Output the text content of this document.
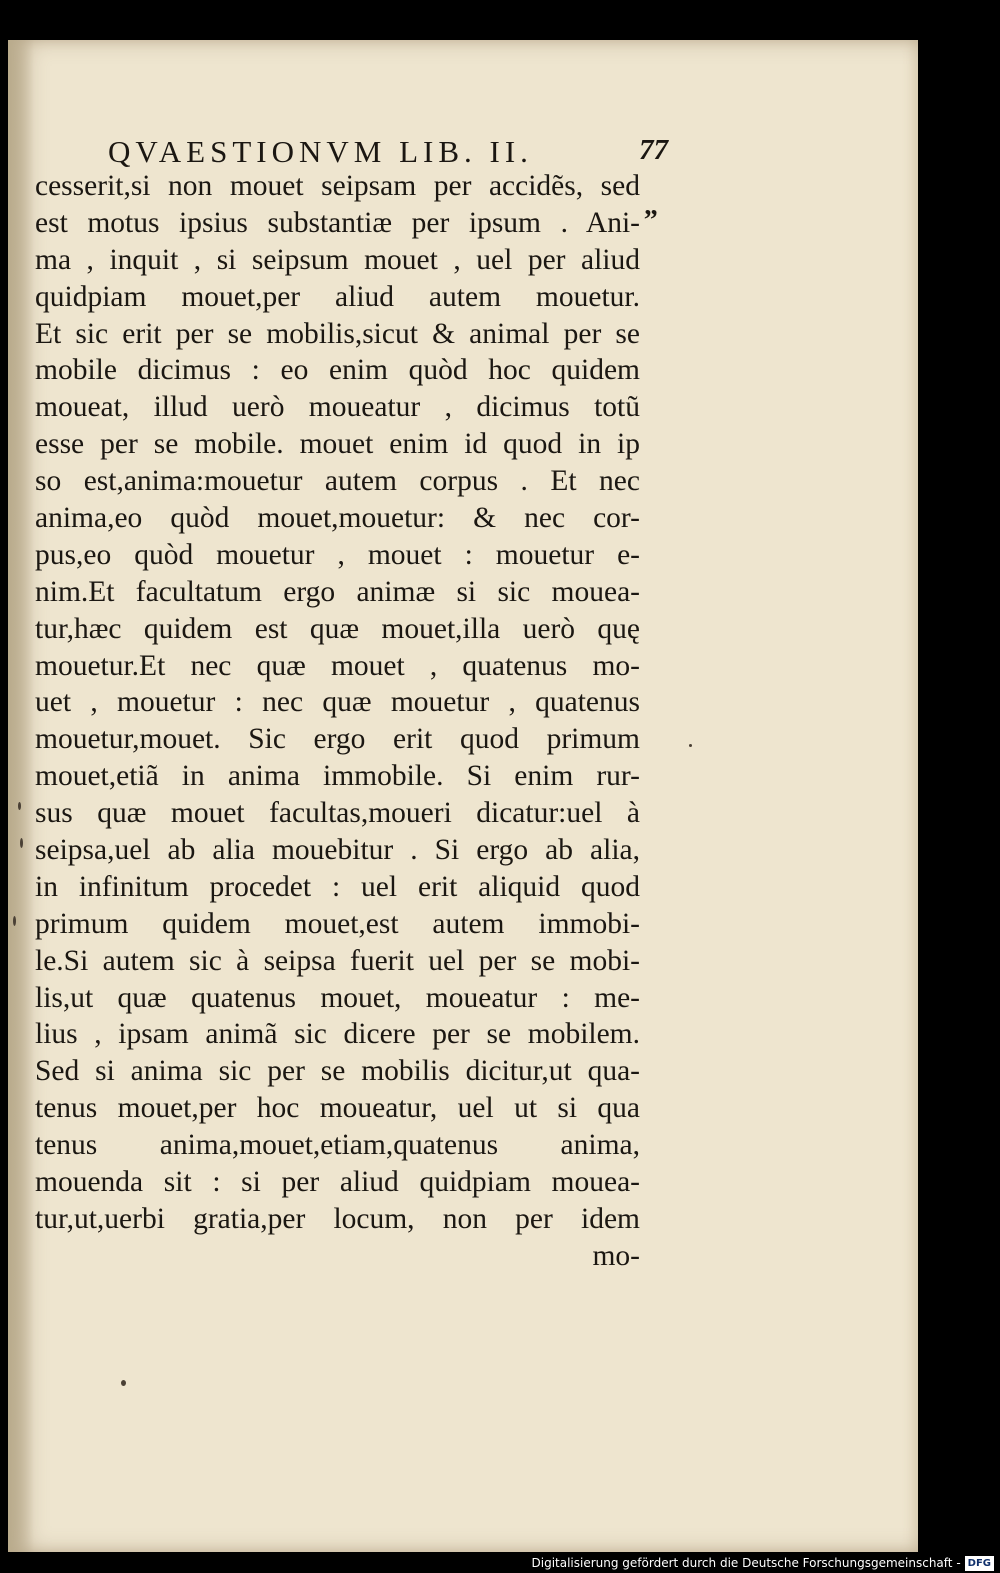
QVAESTIONVM LIB. II.	77
„
cesserit,si non mouet seipsam per accidẽs, sed
est motus ipsius substantiæ per ipsum . Ani-
ma , inquit , si seipsum mouet , uel per aliud
quidpiam mouet,per aliud autem mouetur.
Et sic erit per se mobilis,sicut & animal per se
mobile dicimus : eo enim quòd hoc quidem
moueat, illud uerò moueatur , dicimus totũ
esse per se mobile. mouet enim id quod in ip
so est,anima:mouetur autem corpus . Et nec
anima,eo quòd mouet,mouetur: & nec cor-
pus,eo quòd mouetur , mouet : mouetur e-
nim.Et facultatum ergo animæ si sic mouea-
tur,hæc quidem est quæ mouet,illa uerò quę
mouetur.Et nec quæ mouet , quatenus mo-
uet , mouetur : nec quæ mouetur , quatenus
mouetur,mouet. Sic ergo erit quod primum
mouet,etiã in anima immobile. Si enim rur-
sus quæ mouet facultas,moueri dicatur:uel à
seipsa,uel ab alia mouebitur . Si ergo ab alia,
in infinitum procedet : uel erit aliquid quod
primum quidem mouet,est autem immobi-
le.Si autem sic à seipsa fuerit uel per se mobi-
lis,ut quæ quatenus mouet, moueatur : me-
lius , ipsam animã sic dicere per se mobilem.
Sed si anima sic per se mobilis dicitur,ut qua-
tenus mouet,per hoc moueatur, uel ut si qua
tenus anima,mouet,etiam,quatenus anima,
mouenda sit : si per aliud quidpiam mouea-
tur,ut,uerbi gratia,per locum, non per idem
mo-
Digitalisierung gefördert durch die Deutsche Forschungsgemeinschaft - DFG
